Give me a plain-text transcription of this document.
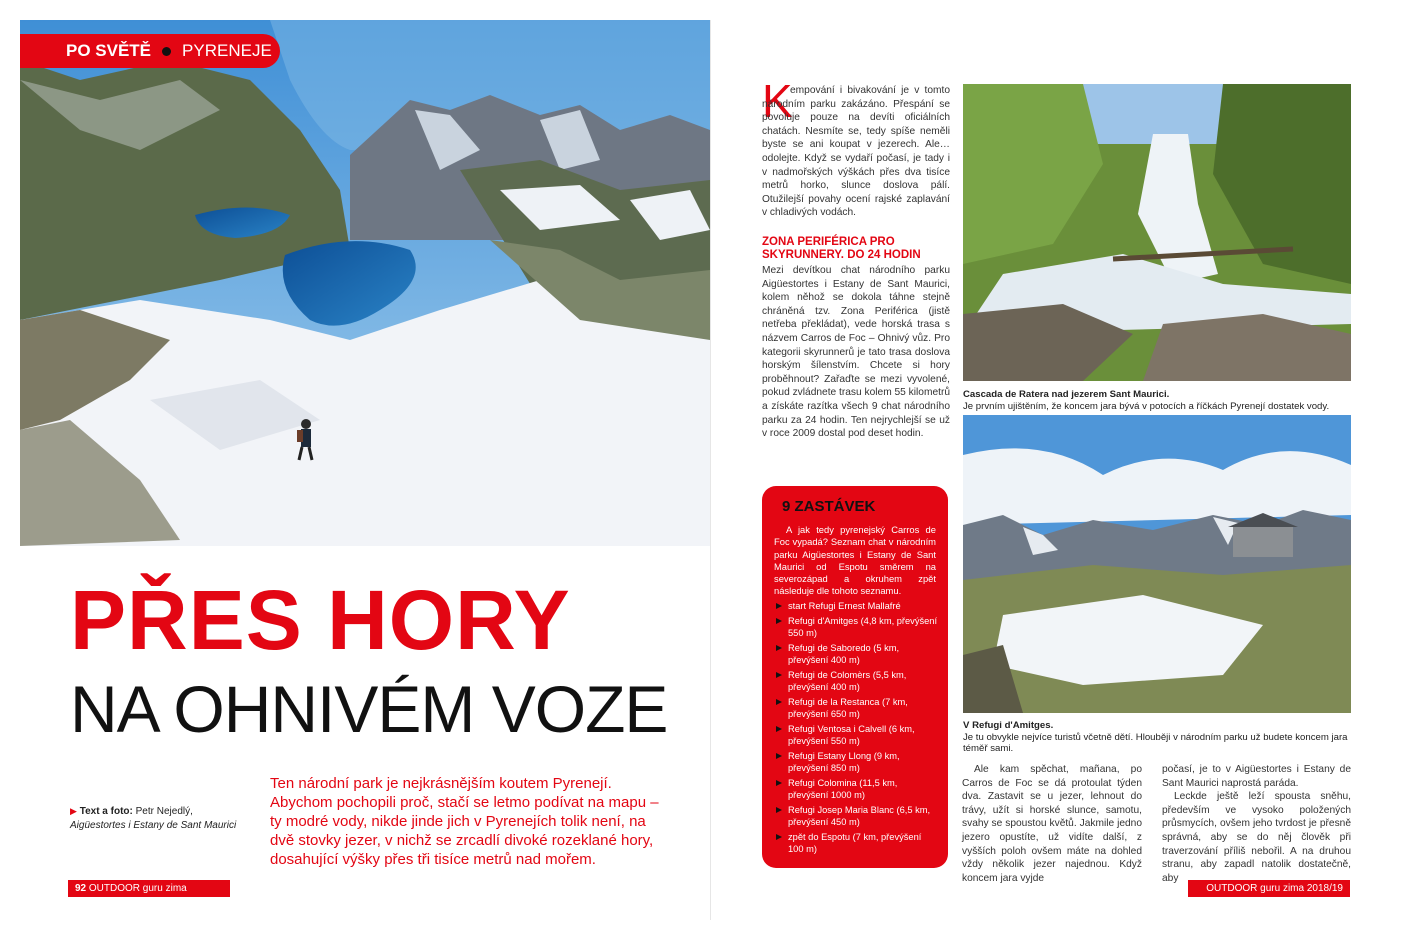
PO SVĚTĚ PYRENEJE
PŘES HORY
NA OHNIVÉM VOZE
▶ Text a foto: Petr Nejedlý,
Aigüestortes i Estany de Sant Maurici
Ten národní park je nejkrásnějším koutem Pyrenejí. Abychom pochopili proč, stačí se letmo podívat na mapu – ty modré vody, nikde jinde jich v Pyrenejích tolik není, na dvě stovky jezer, v nichž se zrcadlí divoké rozeklané hory, dosahující výšky přes tři tisíce metrů nad mořem.
92 OUTDOOR guru zima 2018/19
K
empování i bivakování je v tomto národním parku zakázáno. Přespání se povoluje pouze na devíti oficiálních chatách. Nesmíte se, tedy spíše neměli byste se ani koupat v jezerech. Ale… odolejte. Když se vydaří počasí, je tady i v nadmořských výškách přes dva tisíce metrů horko, slunce doslova pálí. Otužilejší povahy ocení rajské zaplavání v chladivých vodách.
ZONA PERIFÉRICA PRO SKYRUNNERY. DO 24 HODIN
Mezi devítkou chat národního parku Aigüestortes i Estany de Sant Maurici, kolem něhož se dokola táhne stejně chráněná tzv. Zona Periférica (jistě netřeba překládat), vede horská trasa s názvem Carros de Foc – Ohnivý vůz. Pro kategorii skyrunnerů je tato trasa doslova horským šílenstvím. Chcete si hory proběhnout? Zařaďte se mezi vyvolené, pokud zvládnete trasu kolem 55 kilometrů a získáte razítka všech 9 chat národního parku za 24 hodin. Ten nejrychlejší se už v roce 2009 dostal pod deset hodin.
9 ZASTÁVEK
A jak tedy pyrenejský Carros de Foc vypadá? Seznam chat v národním parku Aigüestortes i Estany de Sant Maurici od Espotu směrem na severozápad a okruhem zpět následuje dle tohoto seznamu.
start Refugi Ernest Mallafré
Refugi d'Amitges (4,8 km, převýšení 550 m)
Refugi de Saboredo (5 km, převýšení 400 m)
Refugi de Colomèrs (5,5 km, převýšení 400 m)
Refugi de la Restanca (7 km, převýšení 650 m)
Refugi Ventosa i Calvell (6 km, převýšení 550 m)
Refugi Estany Llong (9 km, převýšení 850 m)
Refugi Colomina (11,5 km, převýšení 1000 m)
Refugi Josep Maria Blanc (6,5 km, převýšení 450 m)
zpět do Espotu (7 km, převýšení 100 m)
Cascada de Ratera nad jezerem Sant Maurici.
Je prvním ujištěním, že koncem jara bývá v potocích a říčkách Pyrenejí dostatek vody.
V Refugi d'Amitges.
Je tu obvykle nejvíce turistů včetně dětí. Hlouběji v národním parku už budete koncem jara téměř sami.
Ale kam spěchat, mañana, po Carros de Foc se dá protoulat týden dva. Zastavit se u jezer, lehnout do trávy, užít si horské slunce, samotu, svahy se spoustou květů. Jakmile jedno jezero opustíte, už vidíte další, z vyšších poloh ovšem máte na dohled vždy několik jezer najednou. Když koncem jara vyjde

počasí, je to v Aigüestortes i Estany de Sant Maurici naprostá paráda.

Leckde ještě leží spousta sněhu, především ve vysoko položených průsmycích, ovšem jeho tvrdost je přesně správná, aby se do něj člověk při traverzování příliš nebořil. A na druhou stranu, aby zapadl natolik dostatečně, aby

OUTDOOR guru zima 2018/19 93
